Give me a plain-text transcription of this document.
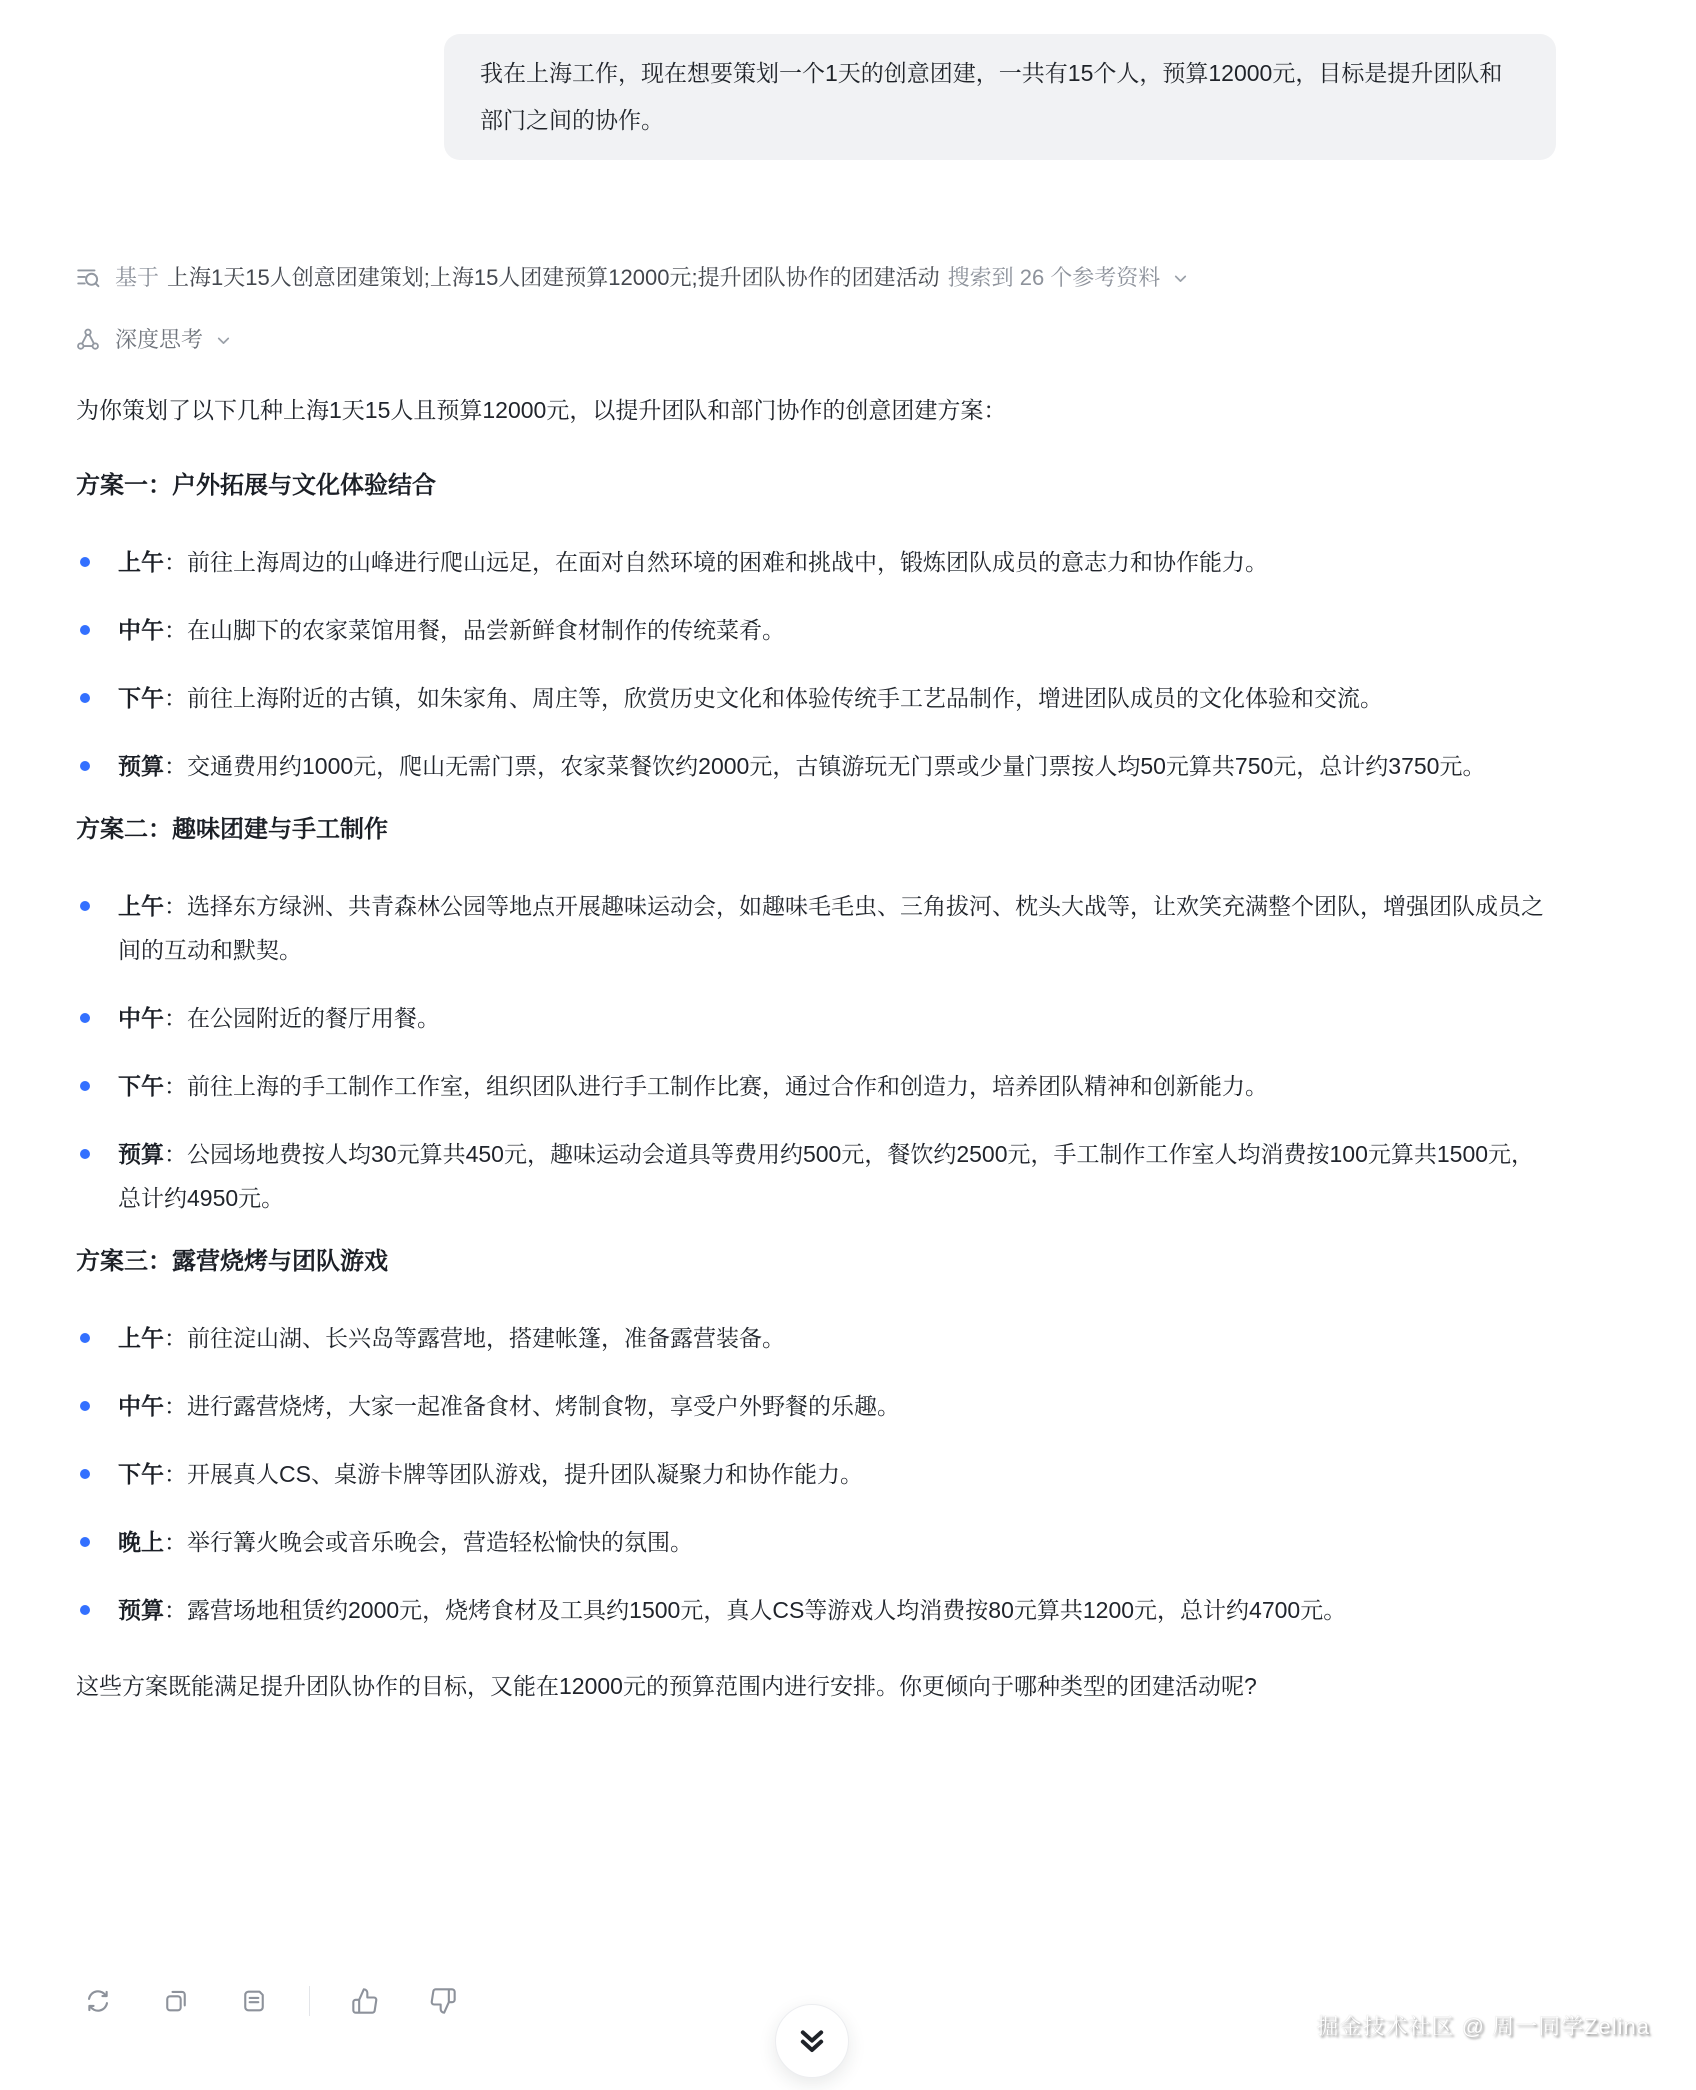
我在上海工作，现在想要策划一个1天的创意团建，一共有15个人，预算12000元，目标是提升团队和部门之间的协作。
基于 上海1天15人创意团建策划;上海15人团建预算12000元;提升团队协作的团建活动 搜索到 26 个参考资料
深度思考

为你策划了以下几种上海1天15人且预算12000元，以提升团队和部门协作的创意团建方案：

方案一：户外拓展与文化体验结合
上午：前往上海周边的山峰进行爬山远足，在面对自然环境的困难和挑战中，锻炼团队成员的意志力和协作能力。
中午：在山脚下的农家菜馆用餐，品尝新鲜食材制作的传统菜肴。
下午：前往上海附近的古镇，如朱家角、周庄等，欣赏历史文化和体验传统手工艺品制作，增进团队成员的文化体验和交流。
预算：交通费用约1000元，爬山无需门票，农家菜餐饮约2000元，古镇游玩无门票或少量门票按人均50元算共750元，总计约3750元。
方案二：趣味团建与手工制作
上午：选择东方绿洲、共青森林公园等地点开展趣味运动会，如趣味毛毛虫、三角拔河、枕头大战等，让欢笑充满整个团队，增强团队成员之间的互动和默契。
中午：在公园附近的餐厅用餐。
下午：前往上海的手工制作工作室，组织团队进行手工制作比赛，通过合作和创造力，培养团队精神和创新能力。
预算：公园场地费按人均30元算共450元，趣味运动会道具等费用约500元，餐饮约2500元，手工制作工作室人均消费按100元算共1500元，总计约4950元。
方案三：露营烧烤与团队游戏
上午：前往淀山湖、长兴岛等露营地，搭建帐篷，准备露营装备。
中午：进行露营烧烤，大家一起准备食材、烤制食物，享受户外野餐的乐趣。
下午：开展真人CS、桌游卡牌等团队游戏，提升团队凝聚力和协作能力。
晚上：举行篝火晚会或音乐晚会，营造轻松愉快的氛围。
预算：露营场地租赁约2000元，烧烤食材及工具约1500元，真人CS等游戏人均消费按80元算共1200元，总计约4700元。

这些方案既能满足提升团队协作的目标，又能在12000元的预算范围内进行安排。你更倾向于哪种类型的团建活动呢?

掘金技术社区 @ 周一同学Zelina
